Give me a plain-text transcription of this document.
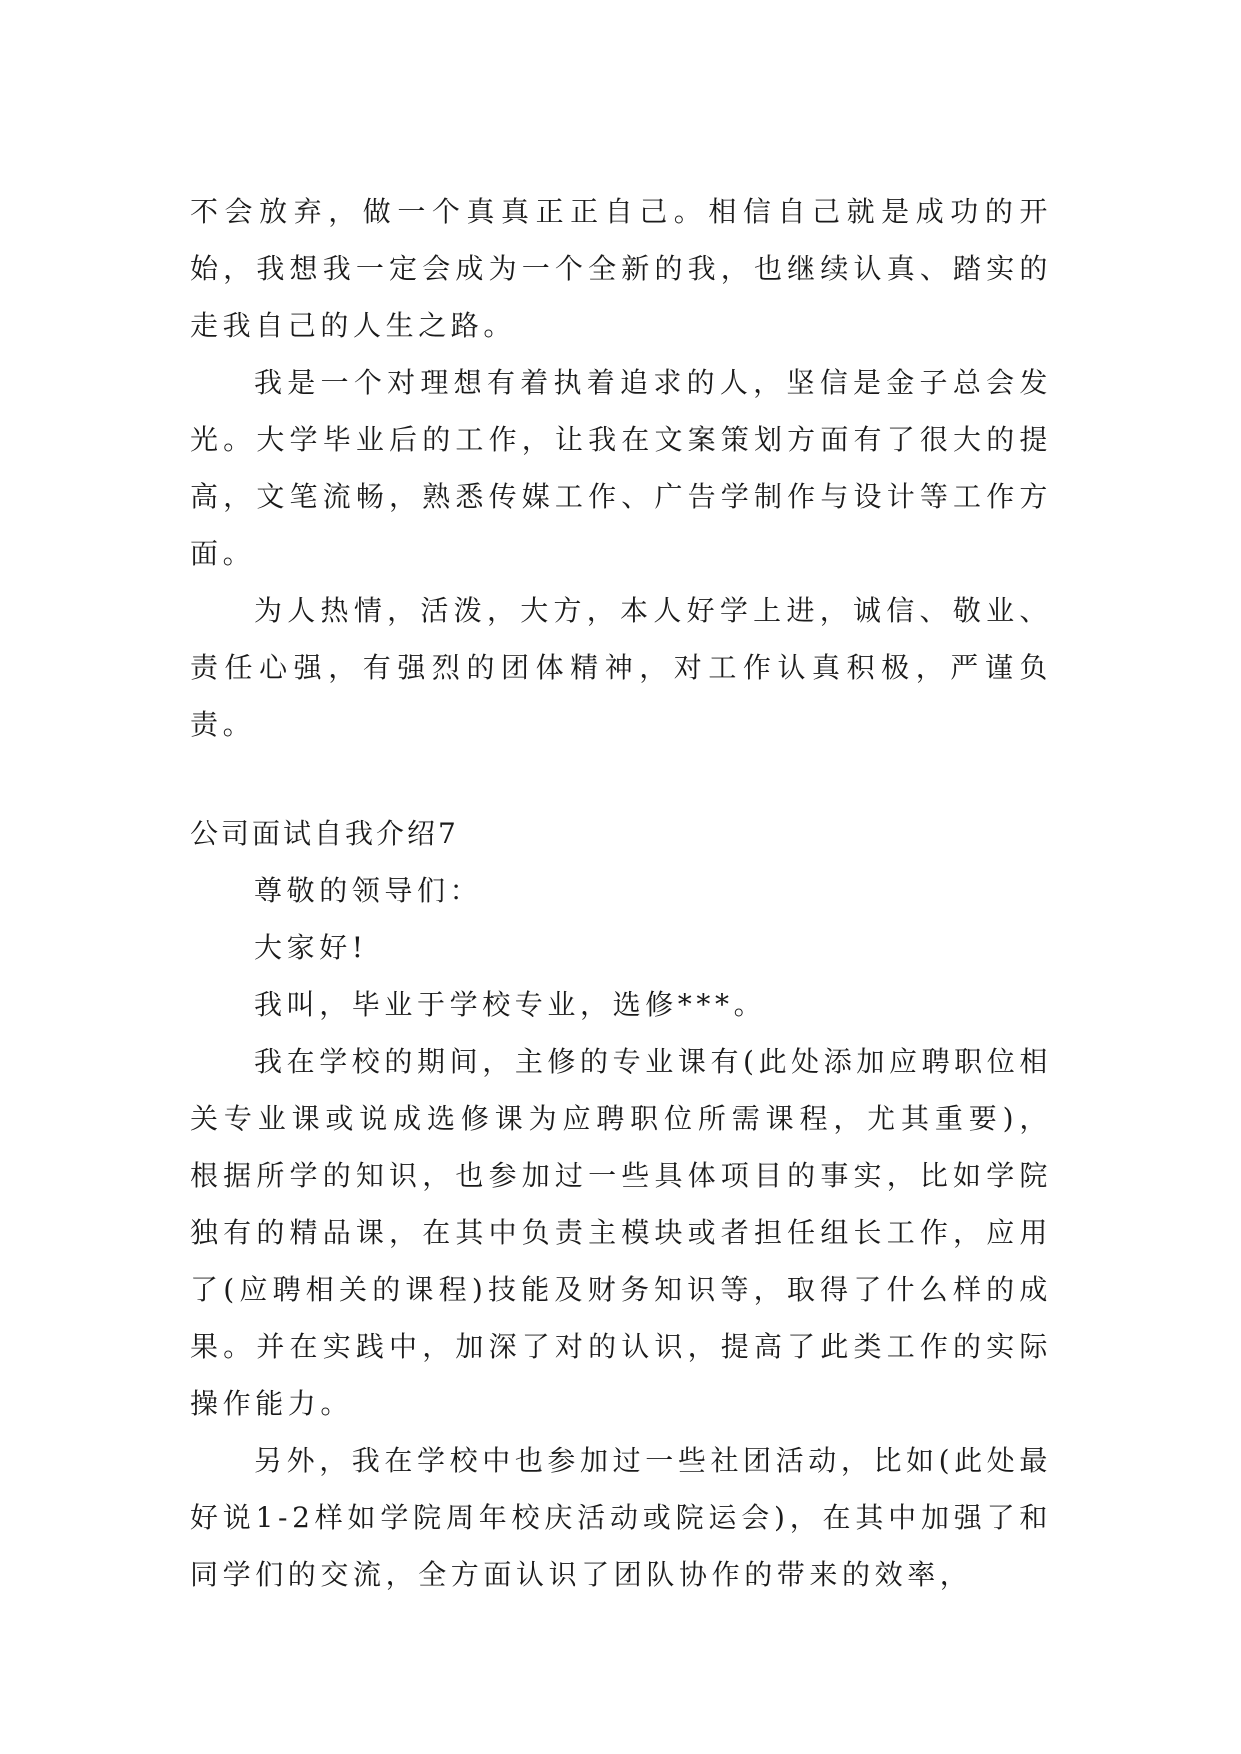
不会放弃，做一个真真正正自己。相信自己就是成功的开始，我想我一定会成为一个全新的我，也继续认真、踏实的走我自己的人生之路。

我是一个对理想有着执着追求的人，坚信是金子总会发光。大学毕业后的工作，让我在文案策划方面有了很大的提高，文笔流畅，熟悉传媒工作、广告学制作与设计等工作方面。

为人热情，活泼，大方，本人好学上进，诚信、敬业、责任心强，有强烈的团体精神，对工作认真积极，严谨负责。

公司面试自我介绍7

尊敬的领导们：

大家好!

我叫，毕业于学校专业，选修***。

我在学校的期间，主修的专业课有(此处添加应聘职位相关专业课或说成选修课为应聘职位所需课程，尤其重要)，根据所学的知识，也参加过一些具体项目的事实，比如学院独有的精品课，在其中负责主模块或者担任组长工作，应用了(应聘相关的课程)技能及财务知识等，取得了什么样的成果。并在实践中，加深了对的认识，提高了此类工作的实际操作能力。

另外，我在学校中也参加过一些社团活动，比如(此处最好说1-2样如学院周年校庆活动或院运会)，在其中加强了和同学们的交流，全方面认识了团队协作的带来的效率，
